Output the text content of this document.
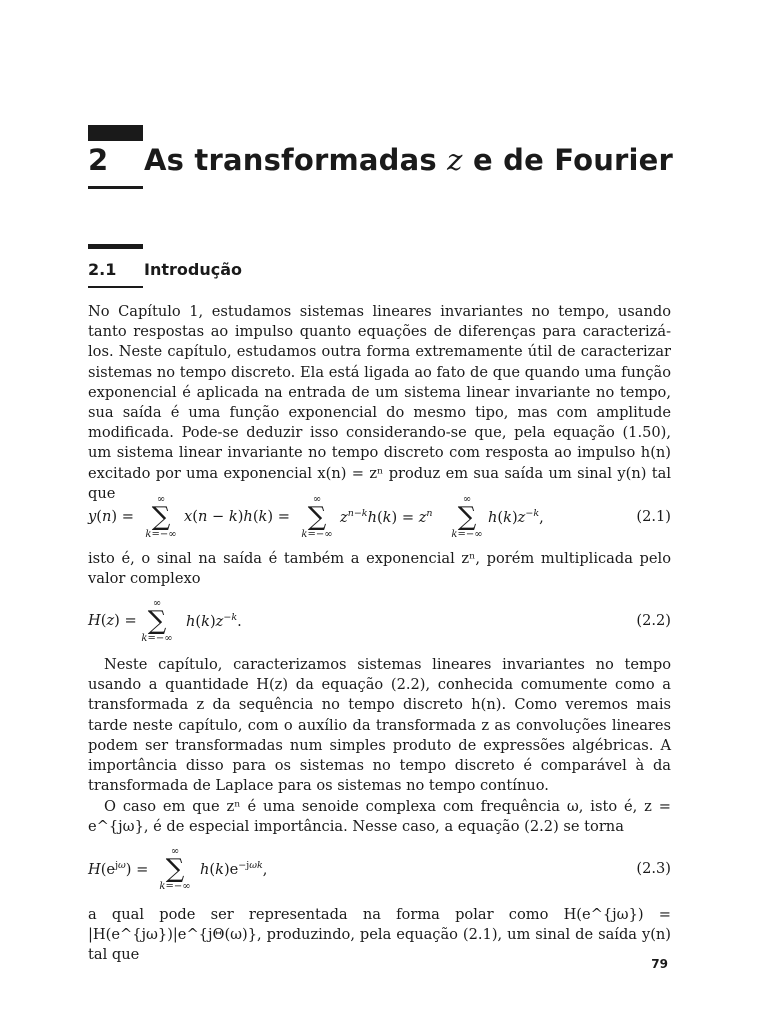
2 As transformadas z e de Fourier
2.1 Introdução

No Capítulo 1, estudamos sistemas lineares invariantes no tempo, usando tanto respostas ao impulso quanto equações de diferenças para caracterizá-los. Neste capítulo, estudamos outra forma extremamente útil de caracterizar sistemas no tempo discreto. Ela está ligada ao fato de que quando uma função exponencial é aplicada na entrada de um sistema linear invariante no tempo, sua saída é uma função exponencial do mesmo tipo, mas com amplitude modificada. Pode-se deduzir isso considerando-se que, pela equação (1.50), um sistema linear invariante no tempo discreto com resposta ao impulso h(n) excitado por uma exponencial x(n) = zⁿ produz em sua saída um sinal y(n) tal que

y(n) =
∞
∑
k=−∞
x(n − k)h(k) =
∞
∑
k=−∞
$z^{n-k}h(k) = z^n$
∞
∑
k=−∞
$h(k)z^{-k}$,	(2.1)

isto é, o sinal na saída é também a exponencial zⁿ, porém multiplicada pelo valor complexo

H(z) =
∞
∑
k=−∞
$h(k)z^{-k}$.	(2.2)

Neste capítulo, caracterizamos sistemas lineares invariantes no tempo usando a quantidade H(z) da equação (2.2), conhecida comumente como a transformada z da sequência no tempo discreto h(n). Como veremos mais tarde neste capítulo, com o auxílio da transformada z as convoluções lineares podem ser transformadas num simples produto de expressões algébricas. A importância disso para os sistemas no tempo discreto é comparável à da transformada de Laplace para os sistemas no tempo contínuo.

O caso em que zⁿ é uma senoide complexa com frequência ω, isto é, z = e^{jω}, é de especial importância. Nesse caso, a equação (2.2) se torna

$H(e^{j\omega})$ =
∞
∑
k=−∞
$h(k)e^{-j\omega k}$,	(2.3)

a qual pode ser representada na forma polar como H(e^{jω}) = |H(e^{jω})|e^{jΘ(ω)}, produzindo, pela equação (2.1), um sinal de saída y(n) tal que

79
